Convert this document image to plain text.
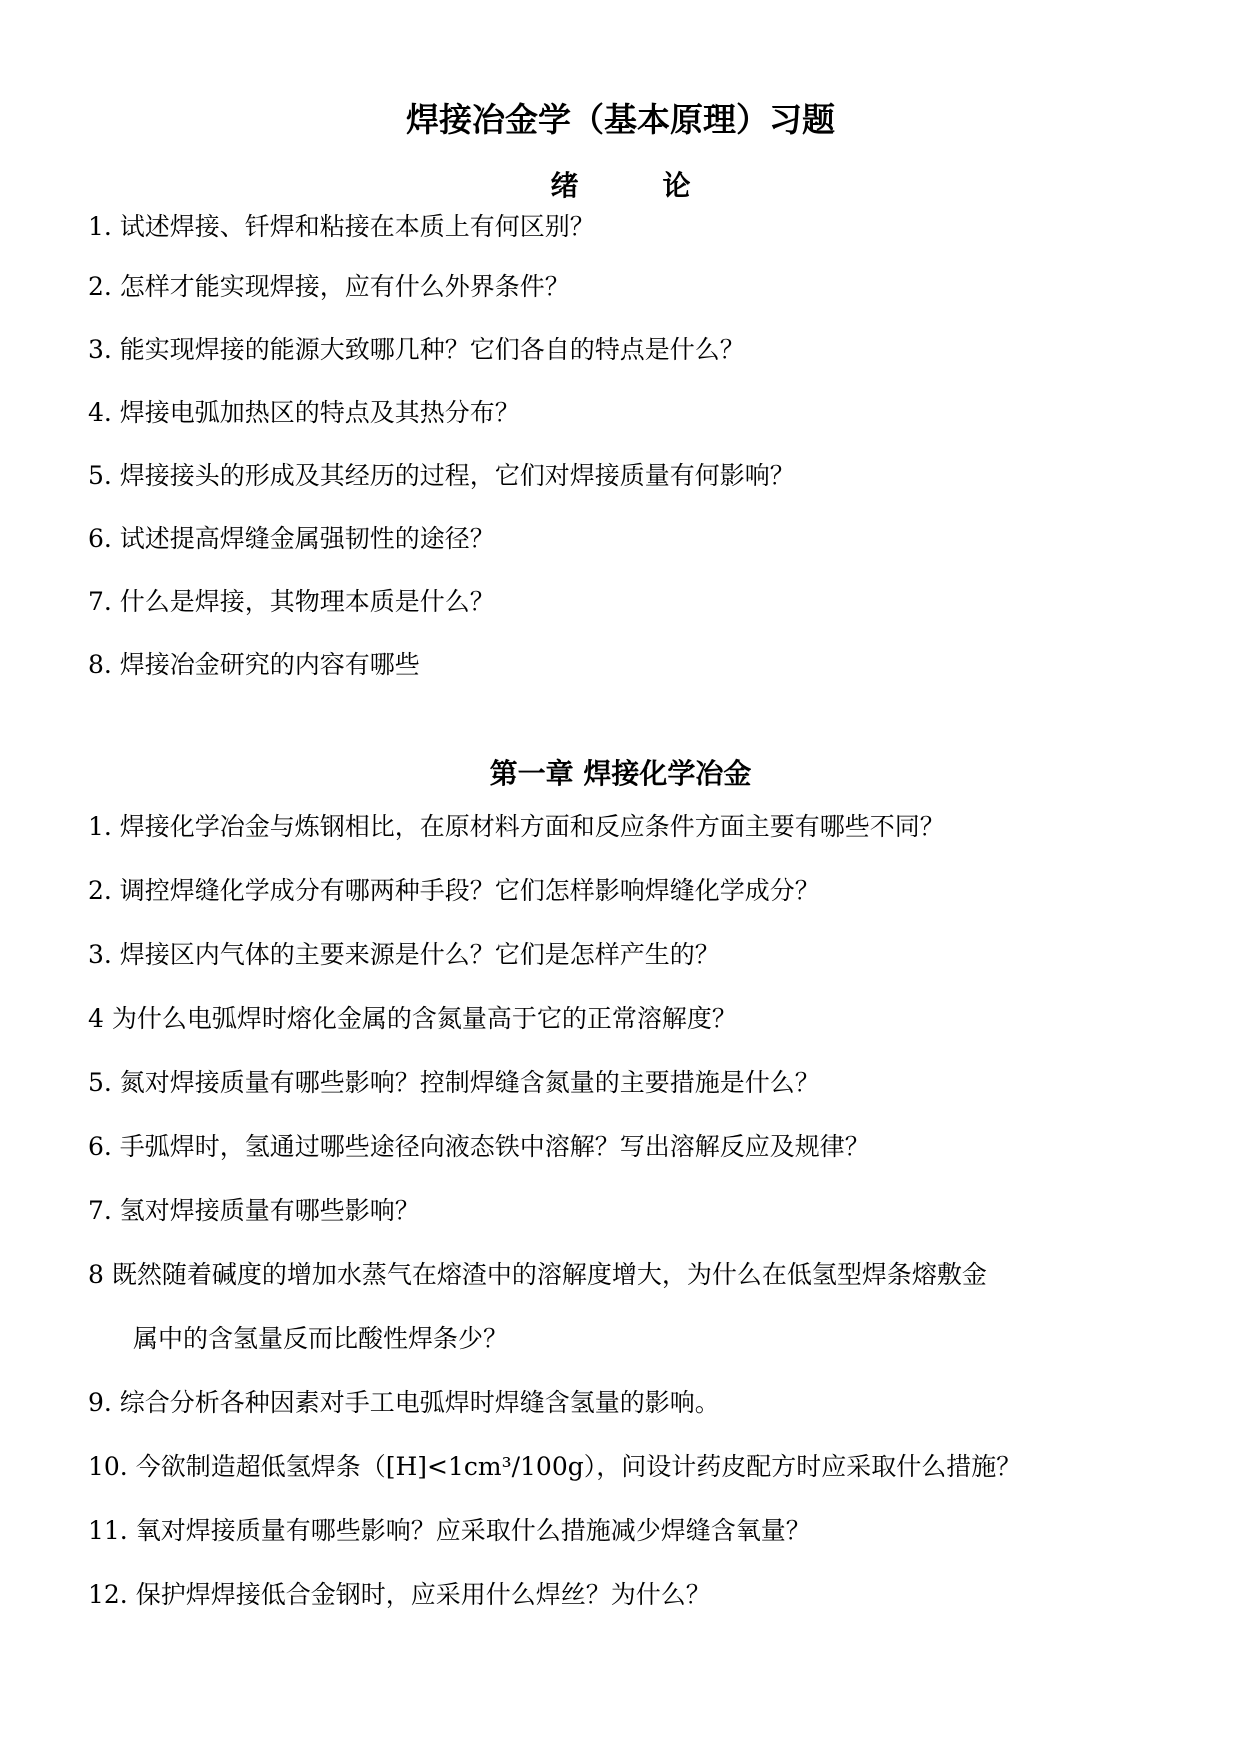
焊接冶金学（基本原理）习题
绪	论

1. 试述焊接、钎焊和粘接在本质上有何区别？

2. 怎样才能实现焊接，应有什么外界条件？

3. 能实现焊接的能源大致哪几种？它们各自的特点是什么？

4. 焊接电弧加热区的特点及其热分布？

5. 焊接接头的形成及其经历的过程，它们对焊接质量有何影响？

6. 试述提高焊缝金属强韧性的途径？

7. 什么是焊接，其物理本质是什么？

8. 焊接冶金研究的内容有哪些

第一章 焊接化学冶金

1. 焊接化学冶金与炼钢相比，在原材料方面和反应条件方面主要有哪些不同？

2. 调控焊缝化学成分有哪两种手段？它们怎样影响焊缝化学成分？

3. 焊接区内气体的主要来源是什么？它们是怎样产生的？

4 为什么电弧焊时熔化金属的含氮量高于它的正常溶解度？

5. 氮对焊接质量有哪些影响？控制焊缝含氮量的主要措施是什么？

6. 手弧焊时，氢通过哪些途径向液态铁中溶解？写出溶解反应及规律？

7. 氢对焊接质量有哪些影响？

8 既然随着碱度的增加水蒸气在熔渣中的溶解度增大，为什么在低氢型焊条熔敷金

属中的含氢量反而比酸性焊条少？

9. 综合分析各种因素对手工电弧焊时焊缝含氢量的影响。

10. 今欲制造超低氢焊条（[H]<1cm³/100g），问设计药皮配方时应采取什么措施？

11. 氧对焊接质量有哪些影响？应采取什么措施减少焊缝含氧量？

12. 保护焊焊接低合金钢时，应采用什么焊丝？为什么？
